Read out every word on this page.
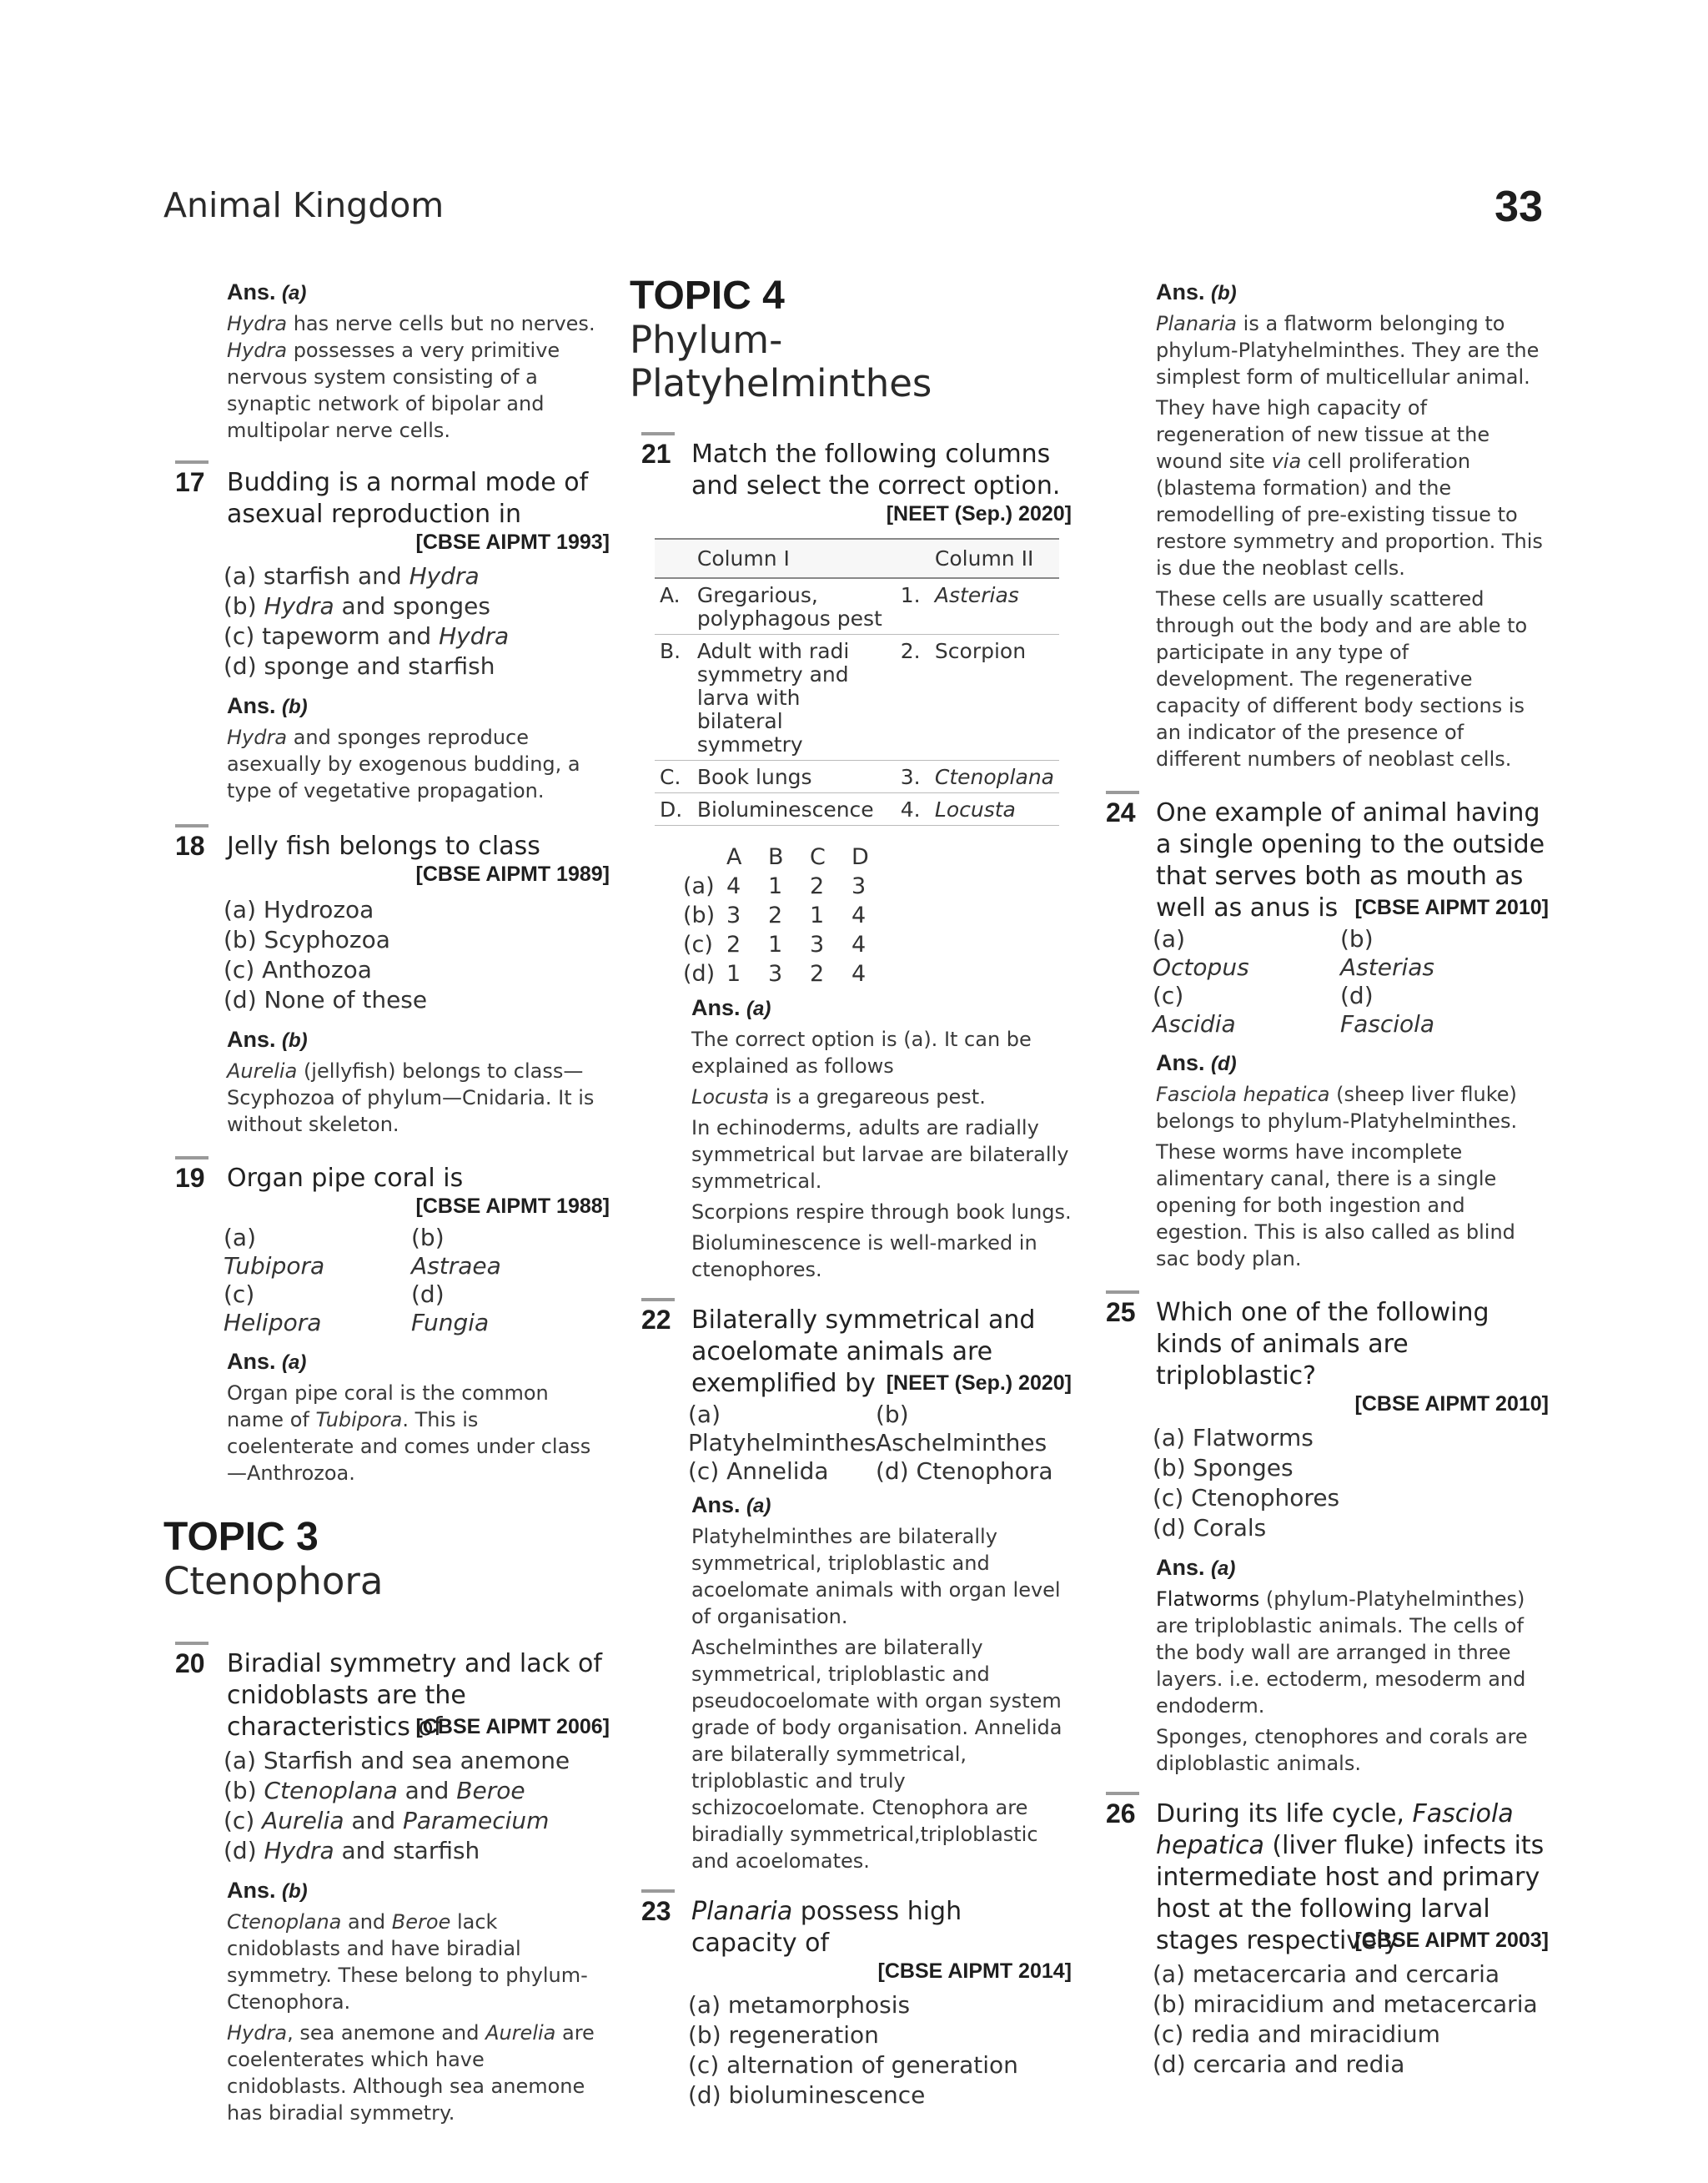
Animal Kingdom	33
Ans. (a)
Hydra has nerve cells but no nerves. Hydra possesses a very primitive nervous system consisting of a synaptic network of bipolar and multipolar nerve cells.
17 Budding is a normal mode of asexual reproduction in
[CBSE AIPMT 1993]
(a) starfish and Hydra
(b) Hydra and sponges
(c) tapeworm and Hydra
(d) sponge and starfish
Ans. (b)
Hydra and sponges reproduce asexually by exogenous budding, a type of vegetative propagation.
18 Jelly fish belongs to class
[CBSE AIPMT 1989]
(a) Hydrozoa
(b) Scyphozoa
(c) Anthozoa
(d) None of these
Ans. (b)
Aurelia (jellyfish) belongs to class—Scyphozoa of phylum—Cnidaria. It is without skeleton.
19 Organ pipe coral is
[CBSE AIPMT 1988]
(a)
Tubipora
(b)
Astraea
(c)
Helipora
(d)
Fungia
Ans. (a)
Organ pipe coral is the common name of Tubipora. This is coelenterate and comes under class—Anthrozoa.
TOPIC 3
Ctenophora
20 Biradial symmetry and lack of cnidoblasts are the characteristics of
[CBSE AIPMT 2006]
(a) Starfish and sea anemone
(b) Ctenoplana and Beroe
(c) Aurelia and Paramecium
(d) Hydra and starfish
Ans. (b)
Ctenoplana and Beroe lack cnidoblasts and have biradial symmetry. These belong to phylum-Ctenophora.
Hydra, sea anemone and Aurelia are coelenterates which have cnidoblasts. Although sea anemone has biradial symmetry.
TOPIC 4
Phylum-Platyhelminthes
21 Match the following columns and select the correct option.
[NEET (Sep.) 2020]
	Column I		Column II
A.	Gregarious, polyphagous pest	1.	Asterias
B.	Adult with radi symmetry and larva with bilateral symmetry	2.	Scorpion
C.	Book lungs	3.	Ctenoplana
D.	Bioluminescence	4.	Locusta
A B C D
(a) 4 1 2 3
(b) 3 2 1 4
(c) 2 1 3 4
(d) 1 3 2 4
Ans. (a)
The correct option is (a). It can be explained as follows
Locusta is a gregareous pest.
In echinoderms, adults are radially symmetrical but larvae are bilaterally symmetrical.
Scorpions respire through book lungs.
Bioluminescence is well-marked in ctenophores.
22 Bilaterally symmetrical and acoelomate animals are exemplified by [NEET (Sep.) 2020]
(a) Platyhelminthes
(b) Aschelminthes
(c) Annelida	(d) Ctenophora
Ans. (a)
Platyhelminthes are bilaterally symmetrical, triploblastic and acoelomate animals with organ level of organisation.
Aschelminthes are bilaterally symmetrical, triploblastic and pseudocoelomate with organ system grade of body organisation. Annelida are bilaterally symmetrical, triploblastic and truly schizocoelomate. Ctenophora are biradially symmetrical,triploblastic and acoelomates.
23 Planaria possess high capacity of
[CBSE AIPMT 2014]
(a) metamorphosis
(b) regeneration
(c) alternation of generation
(d) bioluminescence
Ans. (b)
Planaria is a flatworm belonging to phylum-Platyhelminthes. They are the simplest form of multicellular animal.
They have high capacity of regeneration of new tissue at the wound site via cell proliferation (blastema formation) and the remodelling of pre-existing tissue to restore symmetry and proportion. This is due the neoblast cells.
These cells are usually scattered through out the body and are able to participate in any type of development. The regenerative capacity of different body sections is an indicator of the presence of different numbers of neoblast cells.
24 One example of animal having a single opening to the outside that serves both as mouth as well as anus is [CBSE AIPMT 2010]
(a)
Octopus
(b)
Asterias
(c)
Ascidia
(d)
Fasciola
Ans. (d)
Fasciola hepatica (sheep liver fluke) belongs to phylum-Platyhelminthes.
These worms have incomplete alimentary canal, there is a single opening for both ingestion and egestion. This is also called as blind sac body plan.
25 Which one of the following kinds of animals are triploblastic?
[CBSE AIPMT 2010]
(a) Flatworms
(b) Sponges
(c) Ctenophores
(d) Corals
Ans. (a)
Flatworms (phylum-Platyhelminthes) are triploblastic animals. The cells of the body wall are arranged in three layers. i.e. ectoderm, mesoderm and endoderm.
Sponges, ctenophores and corals are diploblastic animals.
26 During its life cycle, Fasciola hepatica (liver fluke) infects its intermediate host and primary host at the following larval stages respectively
[CBSE AIPMT 2003]
(a) metacercaria and cercaria
(b) miracidium and metacercaria
(c) redia and miracidium
(d) cercaria and redia
